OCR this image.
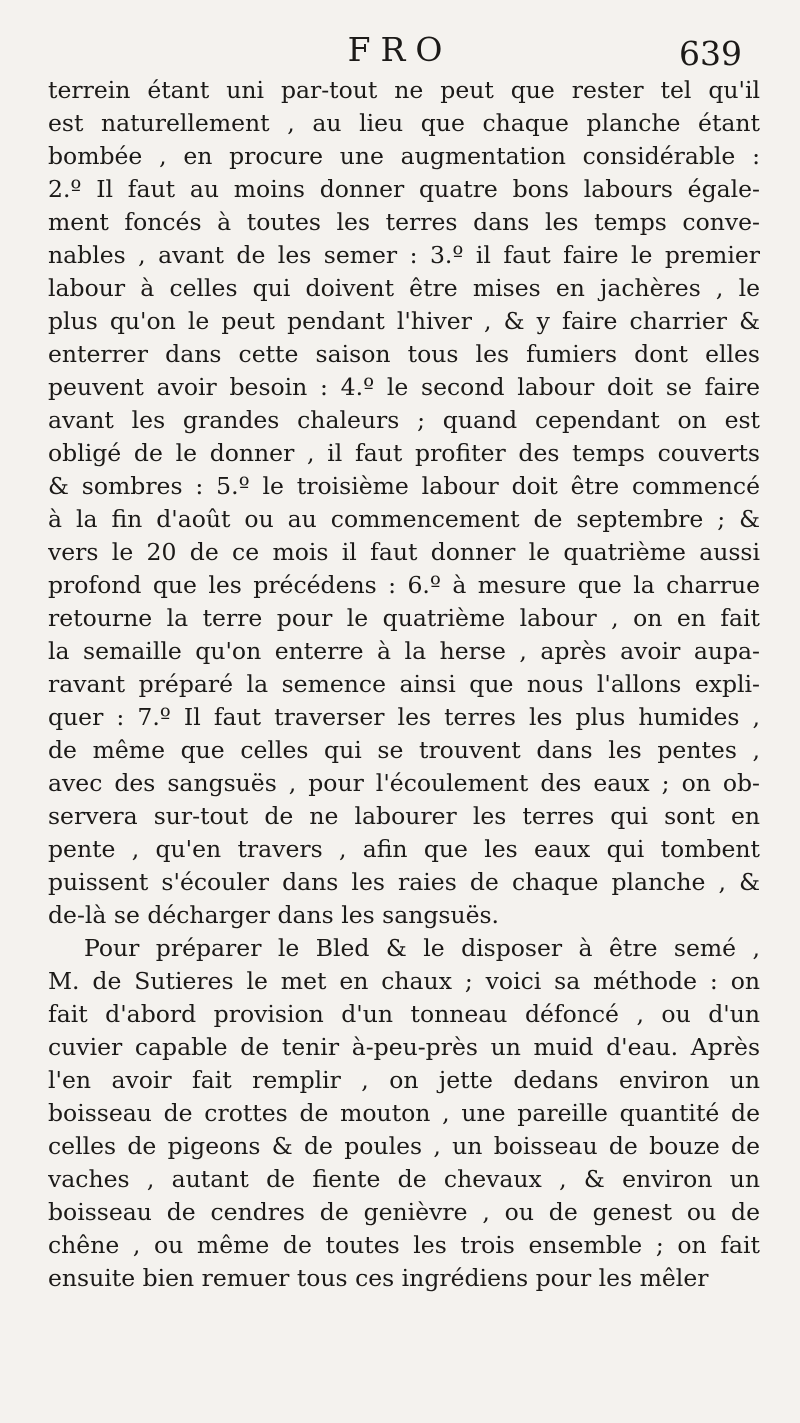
FRO	639
terrein étant uni par-tout ne peut que rester tel qu'il
est naturellement , au lieu que chaque planche étant
bombée , en procure une augmentation considérable :
2.º Il faut au moins donner quatre bons labours égale-
ment foncés à toutes les terres dans les temps conve-
nables , avant de les semer : 3.º il faut faire le premier
labour à celles qui doivent être mises en jachères , le
plus qu'on le peut pendant l'hiver , & y faire charrier &
enterrer dans cette saison tous les fumiers dont elles
peuvent avoir besoin : 4.º le second labour doit se faire
avant les grandes chaleurs ; quand cependant on est
obligé de le donner , il faut profiter des temps couverts
& sombres : 5.º le troisième labour doit être commencé
à la fin d'août ou au commencement de septembre ; &
vers le 20 de ce mois il faut donner le quatrième aussi
profond que les précédens : 6.º à mesure que la charrue
retourne la terre pour le quatrième labour , on en fait
la semaille qu'on enterre à la herse , après avoir aupa-
ravant préparé la semence ainsi que nous l'allons expli-
quer : 7.º Il faut traverser les terres les plus humides ,
de même que celles qui se trouvent dans les pentes ,
avec des sangsuës , pour l'écoulement des eaux ; on ob-
servera sur-tout de ne labourer les terres qui sont en
pente , qu'en travers , afin que les eaux qui tombent
puissent s'écouler dans les raies de chaque planche , &
de-là se décharger dans les sangsuës.
Pour préparer le Bled & le disposer à être semé ,
M. de Sutieres le met en chaux ; voici sa méthode : on
fait d'abord provision d'un tonneau défoncé , ou d'un
cuvier capable de tenir à-peu-près un muid d'eau. Après
l'en avoir fait remplir , on jette dedans environ un
boisseau de crottes de mouton , une pareille quantité de
celles de pigeons & de poules , un boisseau de bouze de
vaches , autant de fiente de chevaux , & environ un
boisseau de cendres de genièvre , ou de genest ou de
chêne , ou même de toutes les trois ensemble ; on fait
ensuite bien remuer tous ces ingrédiens pour les mêler
